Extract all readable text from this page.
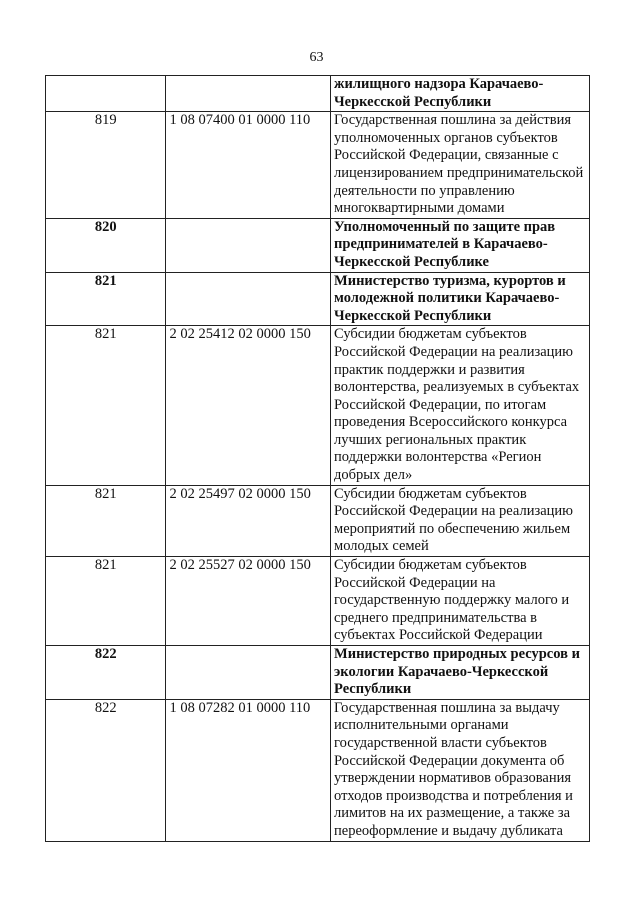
63
		жилищного надзора Карачаево-Черкесской Республики
819	1 08 07400 01 0000 110	Государственная пошлина за действия уполномоченных органов субъектов Российской Федерации, связанные с лицензированием предпринимательской деятельности по управлению многоквартирными домами
820		Уполномоченный по защите прав предпринимателей в Карачаево-Черкесской Республике
821		Министерство туризма, курортов и молодежной политики Карачаево-Черкесской Республики
821	2 02 25412 02 0000 150	Субсидии бюджетам субъектов Российской Федерации на реализацию практик поддержки и развития волонтерства, реализуемых в субъектах Российской Федерации, по итогам проведения Всероссийского конкурса лучших региональных практик поддержки волонтерства «Регион добрых дел»
821	2 02 25497 02 0000 150	Субсидии бюджетам субъектов Российской Федерации на реализацию мероприятий по обеспечению жильем молодых семей
821	2 02 25527 02 0000 150	Субсидии бюджетам субъектов Российской Федерации на государственную поддержку малого и среднего предпринимательства в субъектах Российской Федерации
822		Министерство природных ресурсов и экологии Карачаево-Черкесской Республики
822	1 08 07282 01 0000 110	Государственная пошлина за выдачу исполнительными органами государственной власти субъектов Российской Федерации документа об утверждении нормативов образования отходов производства и потребления и лимитов на их размещение, а также за переоформление и выдачу дубликата
